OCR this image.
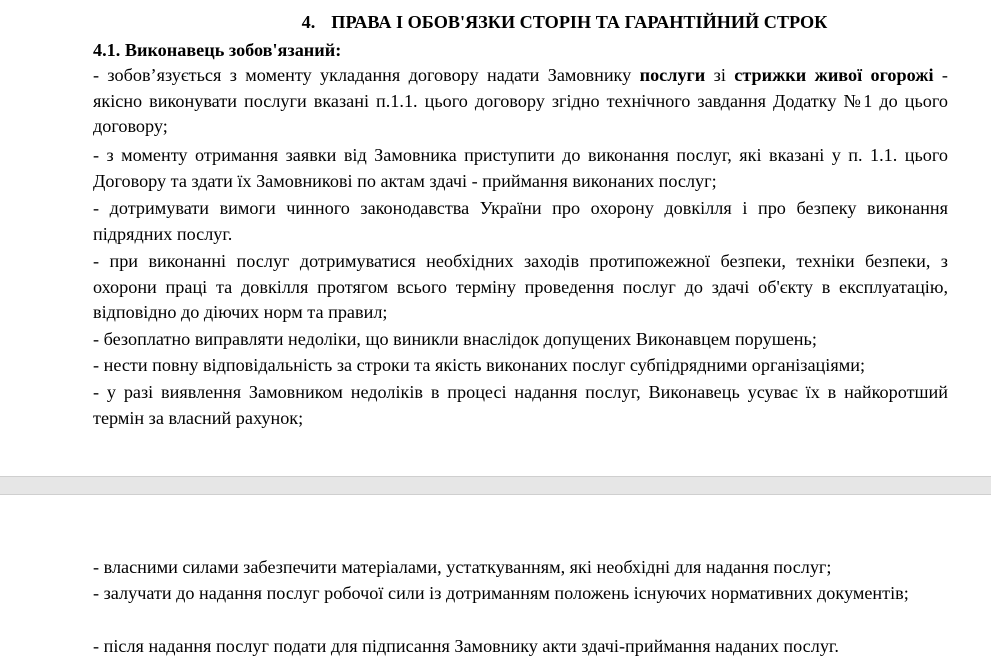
4. ПРАВА І ОБОВ'ЯЗКИ СТОРІН ТА ГАРАНТІЙНИЙ СТРОК
4.1. Виконавець зобов'язаний:
- зобов’язується з моменту укладання договору надати Замовнику послуги зі стрижки живої огорожі - якісно виконувати послуги вказані п.1.1. цього договору згідно технічного завдання Додатку №1 до цього договору;
- з моменту отримання заявки від Замовника приступити до виконання послуг, які вказані у п. 1.1. цього Договору та здати їх Замовникові по актам здачі - приймання виконаних послуг;
- дотримувати вимоги чинного законодавства України про охорону довкілля і про безпеку виконання підрядних послуг.
- при виконанні послуг дотримуватися необхідних заходів протипожежної безпеки, техніки безпеки, з охорони праці та довкілля протягом всього терміну проведення послуг до здачі об'єкту в експлуатацію, відповідно до діючих норм та правил;
- безоплатно виправляти недоліки, що виникли внаслідок допущених Виконавцем порушень;
- нести повну відповідальність за строки та якість виконаних послуг субпідрядними організаціями;
- у разі виявлення Замовником недоліків в процесі надання послуг, Виконавець усуває їх в найкоротший термін за власний рахунок;
- власними силами забезпечити матеріалами, устаткуванням, які необхідні для надання послуг;
- залучати до надання послуг робочої сили із дотриманням положень існуючих нормативних документів;
- після надання послуг подати для підписання Замовнику акти здачі-приймання наданих послуг.
